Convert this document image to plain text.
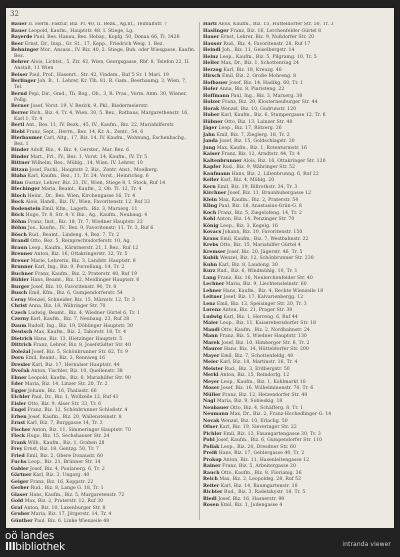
32
Bauer II. Herm. Faktur, Biz. Pl. 40, II. Bezk., Ag.nt., Teinfaltstr. 7
Bauer Leopold, Kaufm., Hauptstr. 48, I. Stiege, Lg.
Bayerde Paul, Bes. Hanau, Bez. Hobay., Kopfg. 50, Donau 66, Tl. 3426
Beer Ernst, Dr., Insp., Gr. St., 17, Kepp., Friedrich Weig. 1. Bez.
Behninger Mor., Ansass., IV. Biz. 40, 2. Stiege, Buh. oder Wiesgasse, Kaufm. Bez.
Behrer Alois, Lichtst., 5, Ztr. 42, Wien, Georgsgasse, Rbf. 8, Telefon 22, II. Anstalt, 11 Wien
Beiser Paul, Prof., Hasenrt., Str. 42, Vindem., Ruf 5 Sr. 1 Mari. 19
Berlinger Joh. B., 1. Lehrer, Kr. Tlh. 81, R. Gam., Beerbaumg. 3, Wien, 7, Tel.
Bernd Pepi, Dir., Gmd., Th. Bog., Ob., 3, R. Pras., Vorm. Anm. 30, Wiener, Pollg.
Berner Josef, Vorst. 19, V. Bezirk, 9, Pkl., Biedermeierstr.
Berrer Rich., Biz. 4, Tr. 4, Wien. 30, 5. Bez., Rathaus, Margarethenstr. 16, Karl 1, Tr. 4
Bertl Ant., Bes. 11, IV. Bezk., 45, IV., Kaufm., Biz. 22, Mariahilferstr.
Biebl Franz, Sept., Herrn., Bez. 14, Kr. A., Zentr., 54, 6
Bierbaumer Carl, Altg., 17, Biz. 14, IV. Kaufm., Wohnung, Eschenbachg., Bez. 1
Binder Adolf, Biz., 4. Biz. 4, Gerster., Mar. Bez. 6
Binder Mart., Frl., IV., Bez. 1, Vorst. 14, Kaufm., IV. Tr. 5
Bittner Wilhelm, Bes., Mühlg., 14, Wien, IV. Lehrer, 10
Bitzan Josef, Fachl., Hauptstr. 2, Biz., Zentr. Anst., Moelkerg.
Blaha Karl, Kaufm., Bez., 11, Tr. 24, Vorst., Heinrichsg. 6
Blau Gustav, Lehrer, Biz. 21, IV., Wien, Stiege 8, I. Stock, Ruf 14
Blechinger Maria, Beamt., Kaufm., 2, Ob. Tl. 12, Tr. 4
Bloch Heinr., Dr., Bez. Wien, Kirchengasse 16, Tr. 4
Bock Alois, Handl., Biz. IV., Wien, Favoritenstr. 12, Ruf 33
Bodenstein Emil, Kfm., Lagerh., Biz. 3, Marxerg. 11
Böck Hugo, Tr. 8, Str. 4, V. Biz., Ag., Kaufm., Neubaug. 4
Böhm Franz, Inst., Biz. 18, Tr. 7, Wiedner Hauptstr. 22
Böhm Jos., Kaufm., IV., Bez. 9, Favoritenstr. 11, Tr. 3, Ruf 6
Bösch Rud., Beamt., Lindeng. 4, Bez. 7, Tr. 2
Brandl Otto, Bez. 5, Reinprechtsdorferstr. 10, Ag.
Braun Leop., Kaufm., Kärntnerstr. 21, I. Bez., Ruf 12
Brenner Anton, Biz. 16, Ottakringerstr. 32, Tr. 5
Breuer Marie, Lehrerin, Biz. 3, Landstr. Hauptstr. 8
Brunner Karl, Ing., Biz. 9, Porzellang. 14, Tr. 2
Buchner Franz, Kaufm., Biz. 2, Praterstr. 40, Ruf 19
Bühler Hans, Beamt., Biz. 12, Meidlinger Hauptstr. 6
Burger Josef, Biz. 10, Favoritenstr. 90, Tr. 8
Busch Emil, Kfm., Biz. 6, Gumpendorferstr. 54
Cerny Wenzel, Schneider, Biz. 15, Märzstr. 12, Tr. 3
Christ Anna, Biz. 18, Währinger Str. 70
Czech Ludwig, Beamt., Biz. 4, Wiedner Gürtel 6, Tr. 1
Czerny Karl, Kaufm., Biz. 7, Neubaug. 23, Ruf 28
Daum Rudolf, Ing., Biz. 19, Döblinger Hauptstr. 30
Deutsch Max, Kaufm., Biz. 2, Taborstr. 18, Tr. 4
Dietrich Hans, Biz. 13, Hietzinger Hauptstr. 5
Dittrich Franz, Lehrer, Biz. 8, Josefstädter Str. 40
Doležal Josef, Biz. 5, Schönbrunner Str. 62, Tr. 9
Dorn Emil, Beamt., Biz. 3, Rennweg 16
Drexler Karl, Biz. 17, Hernalser Hauptstr. 44
Dvořak Anton, Tischler, Biz. 10, Quellenstr. 38
Ebner Leopold, Kaufm., Biz. 6, Mariahilfer Str. 90
Eder Maria, Biz. 14, Linzer Str. 20, Tr. 2
Egger Johann, Biz. 16, Thaliastr. 66
Eichler Paul, Dr., Biz. 1, Wollzeile 12, Ruf 41
Eisler Otto, Biz. 9, Alser Str. 33, Tr. 6
Engel Franz, Biz. 12, Schönbrunner Schloßstr. 4
Erben Josef, Kaufm., Biz. 20, Wallensteinstr. 8
Ernst Karl, Biz. 7, Burggasse 14, Tr. 3
Fischer Anton, Biz. 11, Simmeringer Hauptstr. 70
Fleck Hugo, Biz. 15, Sechshauser Str. 24
Frank Wilh., Kaufm., Biz. 1, Graben 28
Frey Ernst, Biz. 18, Gentzg. 50, Tr. 7
Fried Emil, Biz. 2, Obere Donaustr. 60
Fuchs Leop., Biz. 21, Brünner Str. 14
Gabler Josef, Biz. 4, Paulanerg. 6, Tr. 2
Gärtner Karl, Biz. 3, Ungarg. 40
Geiger Franz, Biz. 16, Koppstr. 22
Gerber Rud., Biz. 8, Lange G. 18, Tr. 1
Glaser Hans, Kaufm., Biz. 5, Margaretenstr. 72
Gold Max, Biz. 2, Praterstr. 12, Ruf 30
Graf Anton, Biz. 10, Laxenburger Str. 8
Gruber Maria, Biz. 17, Jörgerstr. 14, Tr. 4
Günther Paul, Biz. 6, Linke Wienzeile 48
Hartl Alois, Kaufm., Biz. 15, Hütteldorfer Str. 50, Tr. 3
Haslinger Franz, Biz. 16, Lerchenfelder Gürtel 8
Hauer Ernst, Lehrer, Biz. 9, Nußdorfer Str. 20
Hauser Rud., Biz. 4, Favoritenstr. 28, Ruf 17
Heindl Joh., Biz. 11, Geiselbergstr. 14
Heinz Leop., Kaufm., Biz. 5, Pilgramg. 10, Tr. 5
Heller Max, Dr., Biz. 1, Schottenring 24
Herzog Karl, Biz. 18, Kreuzg. 40
Hirsch Emil, Biz. 2, Große Mohreng. 8
Hofbauer Josef, Biz. 14, Hadikg. 60, Tr. 1
Hofer Anna, Biz. 8, Piaristeng. 22
Hoffmann Paul, Ing., Biz. 3, Marxerg. 30
Holzer Franz, Biz. 20, Klosterneuburger Str. 44
Horak Wenzel, Biz. 10, Gudrunstr. 120
Huber Karl, Kaufm., Biz. 6, Stumpergasse 12, Tr. 6
Hübner Otto, Biz. 13, Lainzer Str. 40
Jäger Leop., Biz. 17, Rötzerg. 26
Jahn Emil, Biz. 7, Zieglerg. 18, Tr. 2
Janda Josef, Biz. 15, Goldschlagstr. 30
Jung Max, Kaufm., Biz. 1, Rotenturmstr. 16
Kaiser Franz, Biz. 12, Arndtstr. 44, Tr. 4
Kaltenbrunner Alois, Biz. 16, Ottakringer Str. 120
Kapfer Rud., Biz. 9, Währinger Str. 52
Kaufmann Hans, Biz. 2, Lilienbrunng. 6, Ruf 22
Keller Karl, Biz. 4, Mühlg. 20
Kern Emil, Biz. 19, Billrothstr. 34, Tr. 3
Kirchner Josef, Biz. 11, Braunhubergasse 12
Klein Max, Kaufm., Biz. 2, Praterstr. 54
Kling Paul, Biz. 18, Anastasius-Grün-G. 8
Koch Franz, Biz. 5, Ziegelofeng. 14, Tr. 2
Kohl Anton, Biz. 14, Penzinger Str. 70
König Leop., Biz. 3, Kegelg. 16
Kovacs Johann, Biz. 10, Favoritenstr. 150
Kraus Emil, Kaufm., Biz. 7, Westbahnstr. 22
Krebs Otto, Biz. 15, Mariahilfer Gürtel 4
Kremser Josef, Biz. 20, Jägerstr. 46, Tr. 5
Kubik Wenzel, Biz. 12, Schönbrunner Str. 230
Kuhn Karl, Biz. 8, Laudong. 30
Kurz Rud., Biz. 6, Windmühlg. 10, Tr. 1
Lang Franz, Biz. 16, Neulerchenfelder Str. 40
Lechner Maria, Biz. 9, Liechtensteinstr. 60
Lehner Hans, Kaufm., Biz. 4, Rechte Wienzeile 18
Leitner Josef, Biz. 17, Kalvarienbergg. 12
Lenz Emil, Biz. 13, Speisinger Str. 20, Tr. 3
Lorenz Anton, Biz. 21, Prager Str. 30
Ludwig Karl, Biz. 1, Herreng. 6, Ruf 44
Maier Leop., Biz. 11, Kaiserebersdorfer Str. 18
Mandl Otto, Kaufm., Biz. 2, Nordbahnstr. 24
Mann Franz, Biz. 5, Wiedner Hauptstr. 130
Marek Josef, Biz. 10, Himberger Str. 8, Tr. 2
Maurer Hans, Biz. 14, Hütteldorfer Str. 200
Mayer Emil, Biz. 7, Schottenfeldg. 40
Meier Karl, Biz. 18, Martinstr. 16, Tr. 4
Meister Rud., Biz. 3, Erdbergstr. 50
Merkl Anton, Biz. 15, Reindorfg. 12
Meyer Leop., Kaufm., Biz. 1, Kohlmarkt 10
Moser Josef, Biz. 16, Wilhelminenstr. 70, Tr. 6
Müller Franz, Biz. 12, Hetzendorfer Str. 40
Nagl Maria, Biz. 9, Sobieskig. 18
Neubauer Otto, Biz. 4, Schäfferg. 8, Tr. 1
Neumann Max, Dr., Biz. 2, Franz-Hochedlinger-G. 14
Novak Wenzel, Biz. 10, Erlachg. 50
Ofner Karl, Biz. 19, Sieveringer Str. 22
Pichler Emil, Biz. 13, Fasangartengasse 30, Tr. 3
Pohl Josef, Kaufm., Biz. 6, Gumpendorfer Str. 110
Pollak Leop., Biz. 20, Dresdner Str. 60
Preiß Hans, Biz. 17, Geblergasse 40, Tr. 2
Prokop Anton, Biz. 11, Hasenleitengasse 12
Rainer Franz, Biz. 5, Arbeitergasse 20
Rauch Otto, Kaufm., Biz. 8, Florianig. 36
Reich Max, Biz. 2, Leopoldsg. 28, Ruf 52
Reiter Karl, Biz. 14, Baumgartenstr. 10
Richter Rud., Biz. 3, Radetzkystr. 18, Tr. 5
Riedl Josef, Biz. 16, Hasnerstr. 90
Rosen Emil, Biz. 1, Judengasse 4
oö landes
IIIbibliothek	intranda viewer
